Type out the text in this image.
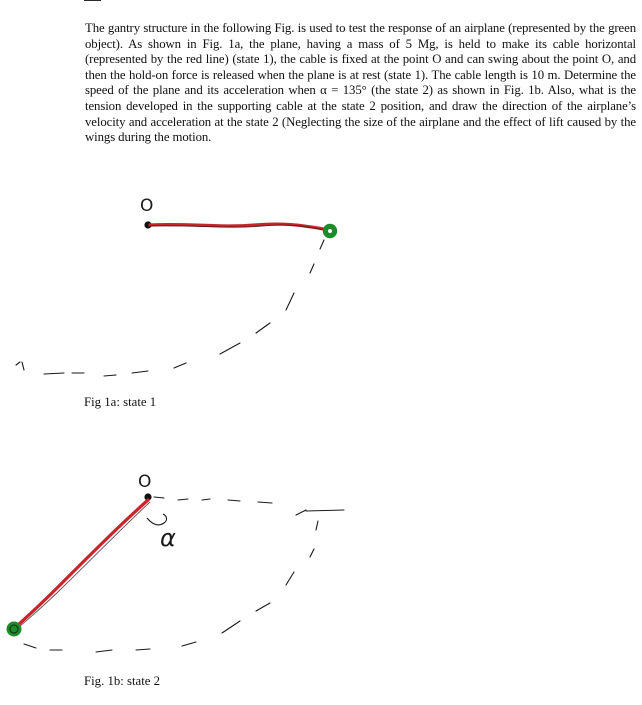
The gantry structure in the following Fig. is used to test the response of an airplane (represented by the green object). As shown in Fig. 1a, the plane, having a mass of 5 Mg, is held to make its cable horizontal (represented by the red line) (state 1), the cable is fixed at the point O and can swing about the point O, and then the hold-on force is released when the plane is at rest (state 1). The cable length is 10 m. Determine the speed of the plane and its acceleration when α = 135° (the state 2) as shown in Fig. 1b. Also, what is the tension developed in the supporting cable at the state 2 position, and draw the direction of the airplane’s velocity and acceleration at the state 2 (Neglecting the size of the airplane and the effect of lift caused by the wings during the motion.

O

Fig 1a: state 1

O
α

Fig. 1b: state 2
